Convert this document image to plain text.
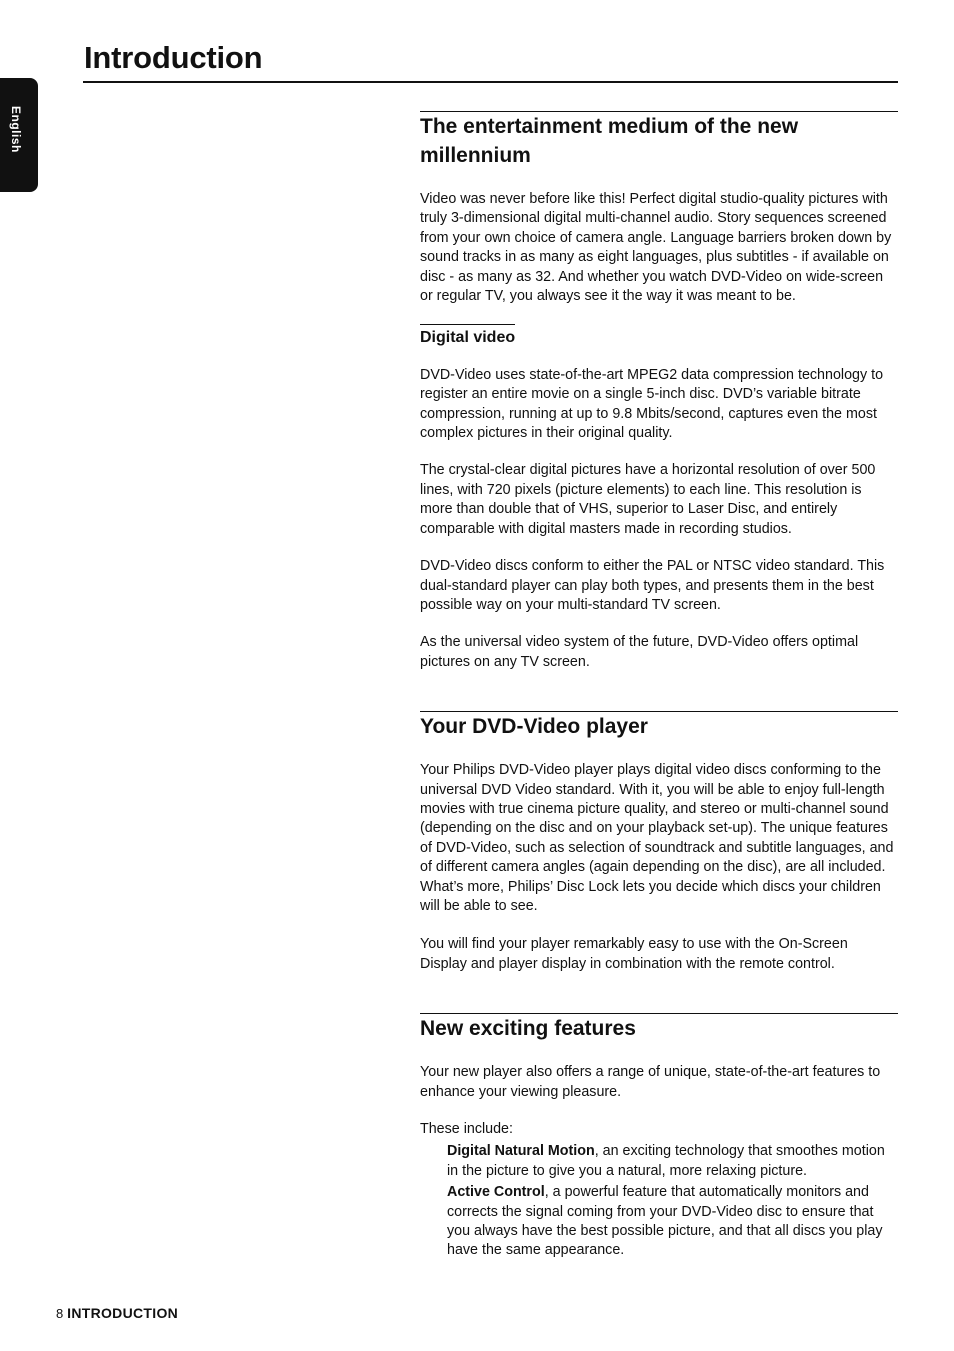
Introduction
English	The entertainment medium of the new millennium

Video was never before like this! Perfect digital studio-quality pictures with truly 3-dimensional digital multi-channel audio. Story sequences screened from your own choice of camera angle. Language barriers broken down by sound tracks in as many as eight languages, plus subtitles - if available on disc - as many as 32. And whether you watch DVD-Video on wide-screen or regular TV, you always see it the way it was meant to be.

Digital video

DVD-Video uses state-of-the-art MPEG2 data compression technology to register an entire movie on a single 5-inch disc. DVD’s variable bitrate compression, running at up to 9.8 Mbits/second, captures even the most complex pictures in their original quality.

The crystal-clear digital pictures have a horizontal resolution of over 500 lines, with 720 pixels (picture elements) to each line. This resolution is more than double that of VHS, superior to Laser Disc, and entirely comparable with digital masters made in recording studios.

DVD-Video discs conform to either the PAL or NTSC video standard. This dual-standard player can play both types, and presents them in the best possible way on your multi-standard TV screen.

As the universal video system of the future, DVD-Video offers optimal pictures on any TV screen.

Your DVD-Video player

Your Philips DVD-Video player plays digital video discs conforming to the universal DVD Video standard. With it, you will be able to enjoy full-length movies with true cinema picture quality, and stereo or multi-channel sound (depending on the disc and on your playback set-up). The unique features of DVD-Video, such as selection of soundtrack and subtitle languages, and of different camera angles (again depending on the disc), are all included. What’s more, Philips’ Disc Lock lets you decide which discs your children will be able to see.

You will find your player remarkably easy to use with the On-Screen Display and player display in combination with the remote control.

New exciting features

Your new player also offers a range of unique, state-of-the-art features to enhance your viewing pleasure.

These include:

Digital Natural Motion, an exciting technology that smoothes motion in the picture to give you a natural, more relaxing picture.

Active Control, a powerful feature that automatically monitors and corrects the signal coming from your DVD-Video disc to ensure that you always have the best possible picture, and that all discs you play have the same appearance.

8 INTRODUCTION
